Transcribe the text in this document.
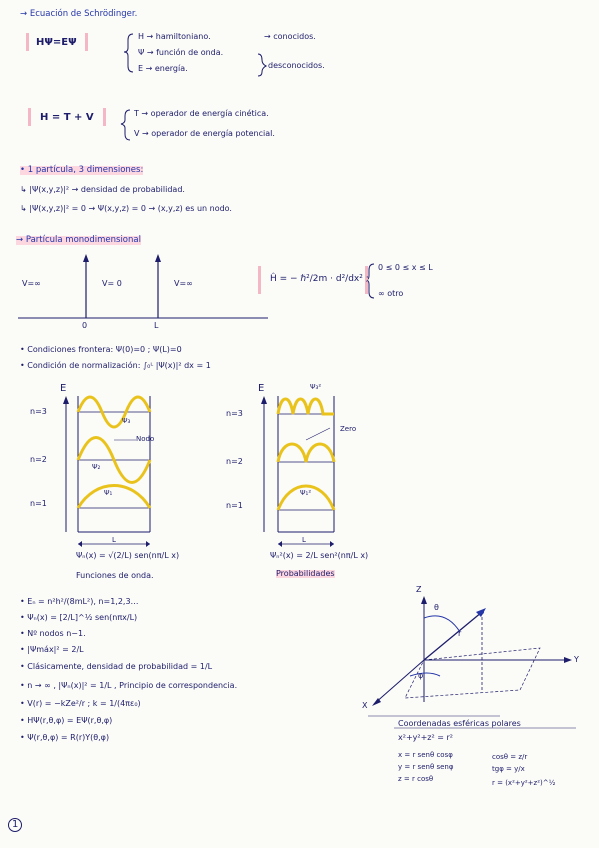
→ Ecuación de Schrödinger.
HΨ=EΨ
H → hamiltoniano.	→ conocidos.
Ψ → función de onda.
E → energía.	desconocidos.
H = T + V	T → operador de energía cinética.
V → operador de energía potencial.
• 1 partícula, 3 dimensiones:
↳ |Ψ(x,y,z)|² → densidad de probabilidad.
↳ |Ψ(x,y,z)|² = 0 → Ψ(x,y,z) = 0 → (x,y,z) es un nodo.
→ Partícula monodimensional
V=∞	V= 0	V=∞
0	L
Ĥ = − ℏ²/2m · d²/dx² ;
0 ≤ 0 ≤ x ≤ L
∞ otro
• Condiciones frontera: Ψ(0)=0 ; Ψ(L)=0
• Condición de normalización: ∫₀ᴸ |Ψ(x)|² dx = 1
E
n=3
n=2
n=1
Ψ₃
Nodo
Ψ₂
Ψ₁
L
Ψₙ(x) = √(2/L) sen(nπ/L x)
Funciones de onda.
E
n=3
n=2
n=1
Ψ₃²
Zero
Ψ₁²
L
Ψₙ²(x) = 2/L sen²(nπ/L x)
Probabilidades
• Eₙ = n²h²/(8mL²), n=1,2,3…
• Ψₙ(x) = [2/L]^½ sen(nπx/L)
• Nº nodos n−1.
• |Ψmáx|² = 2/L
• Clásicamente, densidad de probabilidad = 1/L
• n → ∞ , |Ψₙ(x)|² = 1/L , Principio de correspondencia.
• V(r) = −kZe²/r ; k = 1/(4πε₀)
• HΨ(r,θ,φ) = EΨ(r,θ,φ)
• Ψ(r,θ,φ) = R(r)Y(θ,φ)
Z
Y
X
θ
φ
r
Coordenadas esféricas polares
x²+y²+z² = r²
x = r senθ cosφ
y = r senθ senφ
z = r cosθ
cosθ = z/r
tgφ = y/x
r = (x²+y²+z²)^½
1
